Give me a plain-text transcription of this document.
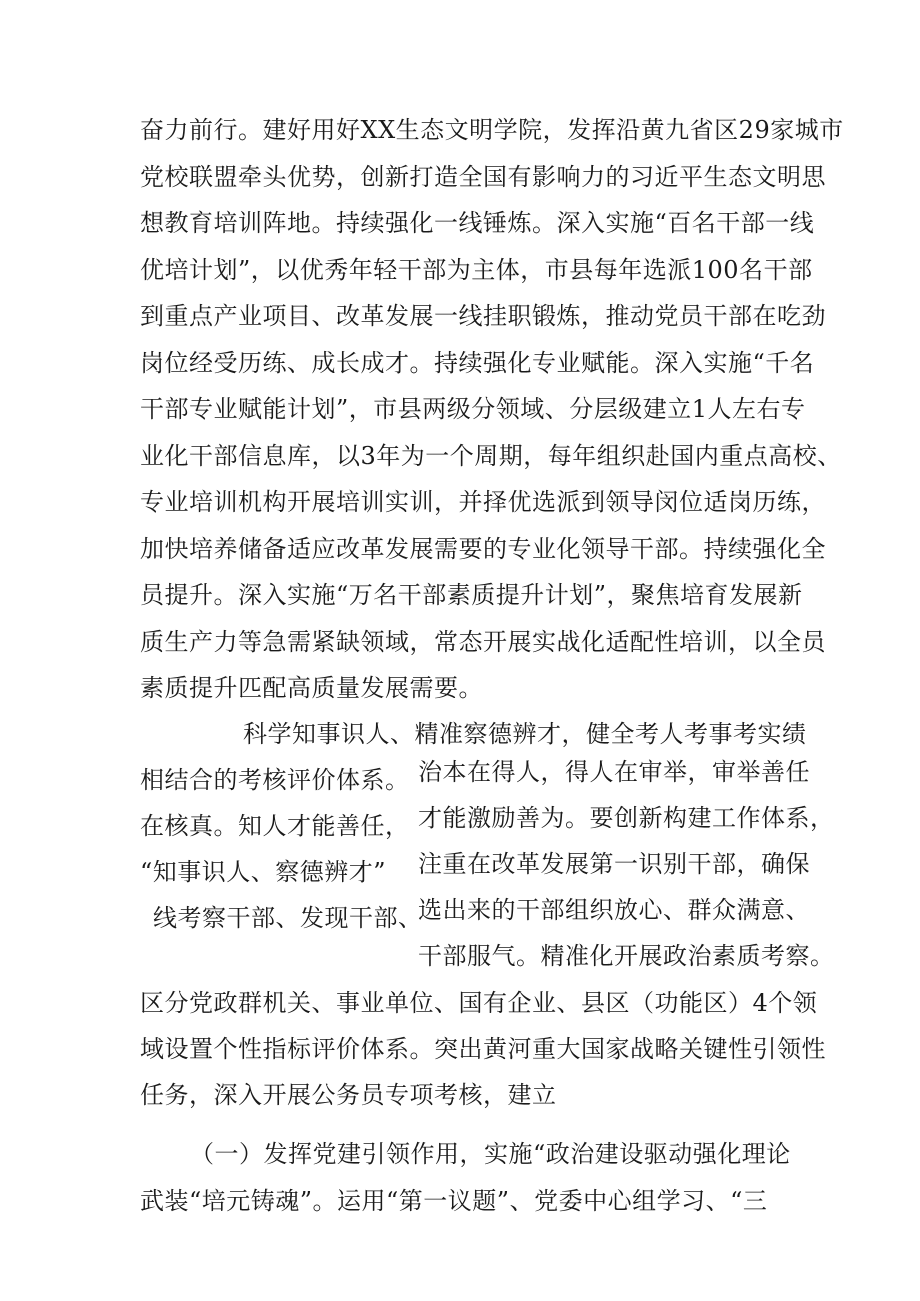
奋力前行。建好用好XX生态文明学院，发挥沿黄九省区29家城市
党校联盟牵头优势，创新打造全国有影响力的习近平生态文明思
想教育培训阵地。持续强化一线锤炼。深入实施“百名干部一线
优培计划”，以优秀年轻干部为主体，市县每年选派100名干部
到重点产业项目、改革发展一线挂职锻炼，推动党员干部在吃劲
岗位经受历练、成长成才。持续强化专业赋能。深入实施“千名
干部专业赋能计划”，市县两级分领域、分层级建立1人左右专
业化干部信息库，以3年为一个周期，每年组织赴国内重点高校、
专业培训机构开展培训实训，并择优选派到领导闵位适岗历练，
加快培养储备适应改革发展需要的专业化领导干部。持续强化全
员提升。深入实施“万名干部素质提升计划”，聚焦培育发展新
质生产力等急需紧缺领域，常态开展实战化适配性培训，以全员
素质提升匹配高质量发展需要。
科学知事识人、精准察德辨才，健全考人考事考实绩
相结合的考核评价体系。
在核真。知人才能善任，
“知事识人、察德辨才”
线考察干部、发现干部、
治本在得人，得人在审举，审举善任
才能激励善为。要创新构建工作体系，
注重在改革发展第一识别干部，确保
选出来的干部组织放心、群众满意、
干部服气。精准化开展政治素质考察。
区分党政群机关、事业单位、国有企业、县区（功能区）4个领
域设置个性指标评价体系。突出黄河重大国家战略关键性引领性
任务，深入开展公务员专项考核，建立
（一）发挥党建引领作用，实施“政治建设驱动强化理论
武装“培元铸魂”。运用“第一议题”、党委中心组学习、“三
